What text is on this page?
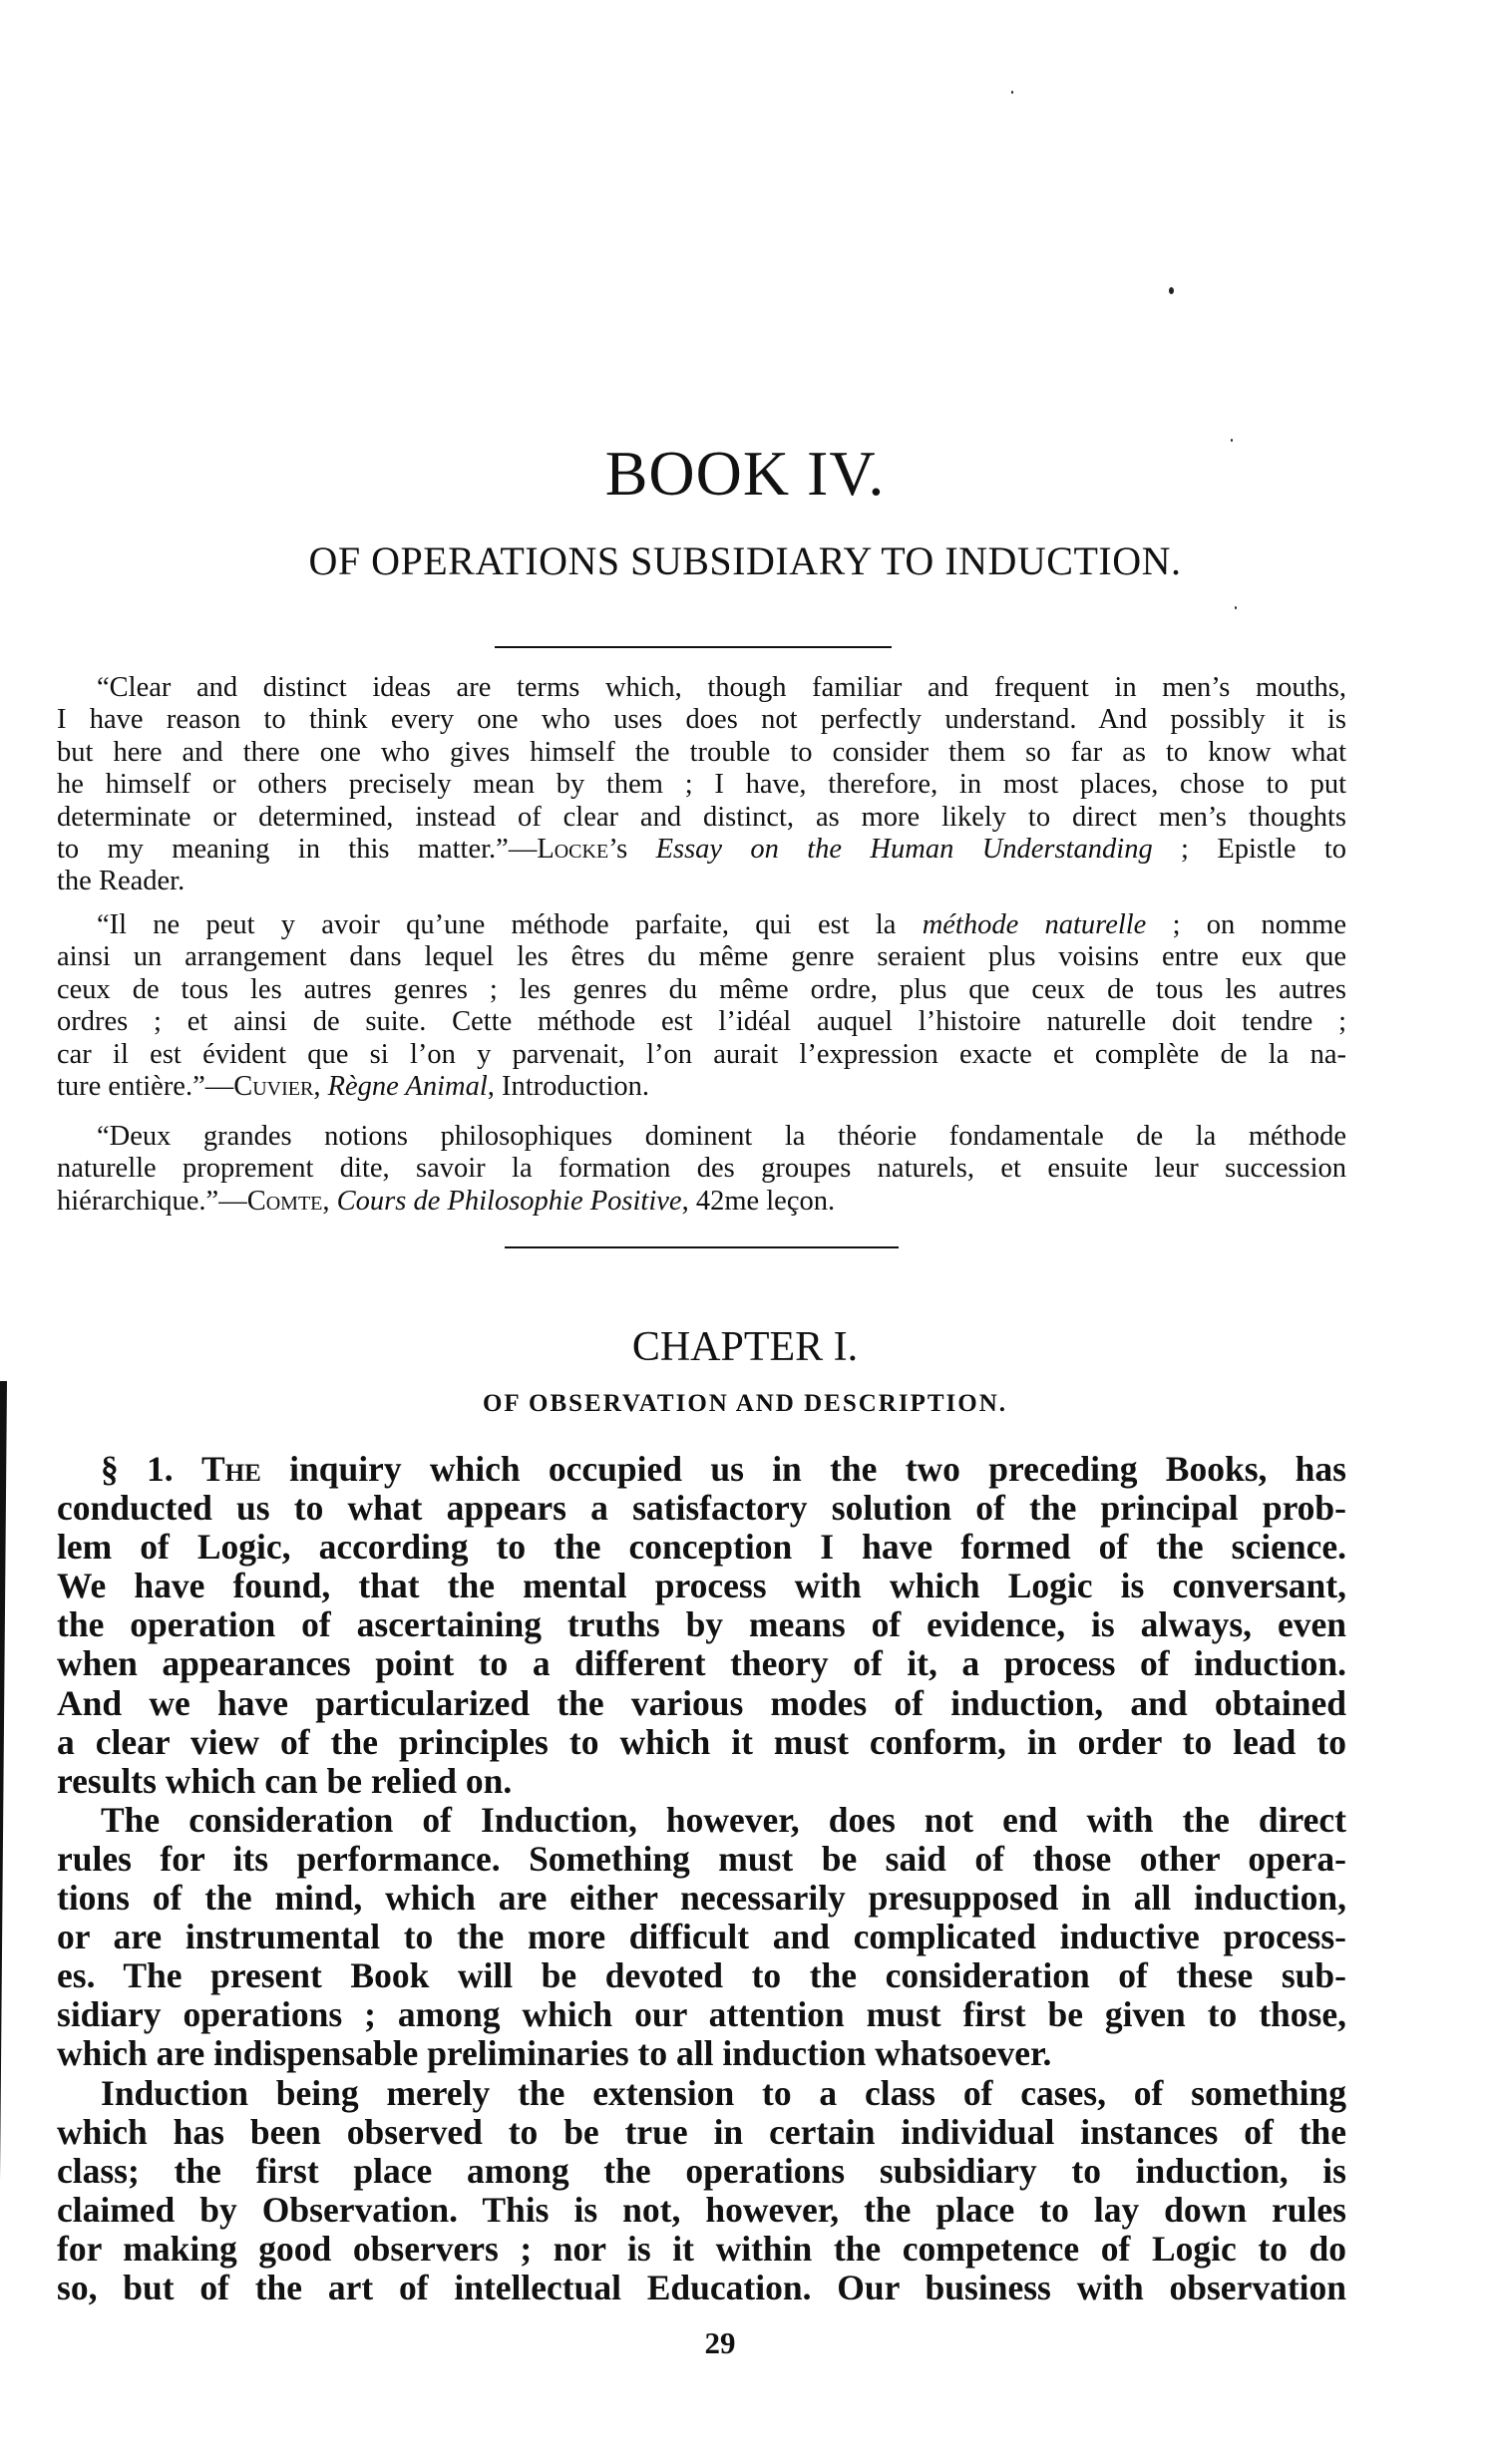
BOOK IV.
OF OPERATIONS SUBSIDIARY TO INDUCTION.
“Clear and distinct ideas are terms which, though familiar and frequent in men’s mouths,
I have reason to think every one who uses does not perfectly understand. And possibly it is
but here and there one who gives himself the trouble to consider them so far as to know what
he himself or others precisely mean by them ; I have, therefore, in most places, chose to put
determinate or determined, instead of clear and distinct, as more likely to direct men’s thoughts
to my meaning in this matter.”—Locke’s Essay on the Human Understanding ; Epistle to
the Reader.
“Il ne peut y avoir qu’une méthode parfaite, qui est la méthode naturelle ; on nomme
ainsi un arrangement dans lequel les êtres du même genre seraient plus voisins entre eux que
ceux de tous les autres genres ; les genres du même ordre, plus que ceux de tous les autres
ordres ; et ainsi de suite. Cette méthode est l’idéal auquel l’histoire naturelle doit tendre ;
car il est évident que si l’on y parvenait, l’on aurait l’expression exacte et complète de la na-
ture entière.”—Cuvier, Règne Animal, Introduction.
“Deux grandes notions philosophiques dominent la théorie fondamentale de la méthode
naturelle proprement dite, savoir la formation des groupes naturels, et ensuite leur succession
hiérarchique.”—Comte, Cours de Philosophie Positive, 42me leçon.
CHAPTER I.
OF OBSERVATION AND DESCRIPTION.
§ 1. The inquiry which occupied us in the two preceding Books, has
conducted us to what appears a satisfactory solution of the principal prob-
lem of Logic, according to the conception I have formed of the science.
We have found, that the mental process with which Logic is conversant,
the operation of ascertaining truths by means of evidence, is always, even
when appearances point to a different theory of it, a process of induction.
And we have particularized the various modes of induction, and obtained
a clear view of the principles to which it must conform, in order to lead to
results which can be relied on.
The consideration of Induction, however, does not end with the direct
rules for its performance. Something must be said of those other opera-
tions of the mind, which are either necessarily presupposed in all induction,
or are instrumental to the more difficult and complicated inductive process-
es. The present Book will be devoted to the consideration of these sub-
sidiary operations ; among which our attention must first be given to those,
which are indispensable preliminaries to all induction whatsoever.
Induction being merely the extension to a class of cases, of something
which has been observed to be true in certain individual instances of the
class; the first place among the operations subsidiary to induction, is
claimed by Observation. This is not, however, the place to lay down rules
for making good observers ; nor is it within the competence of Logic to do
so, but of the art of intellectual Education. Our business with observation
29
